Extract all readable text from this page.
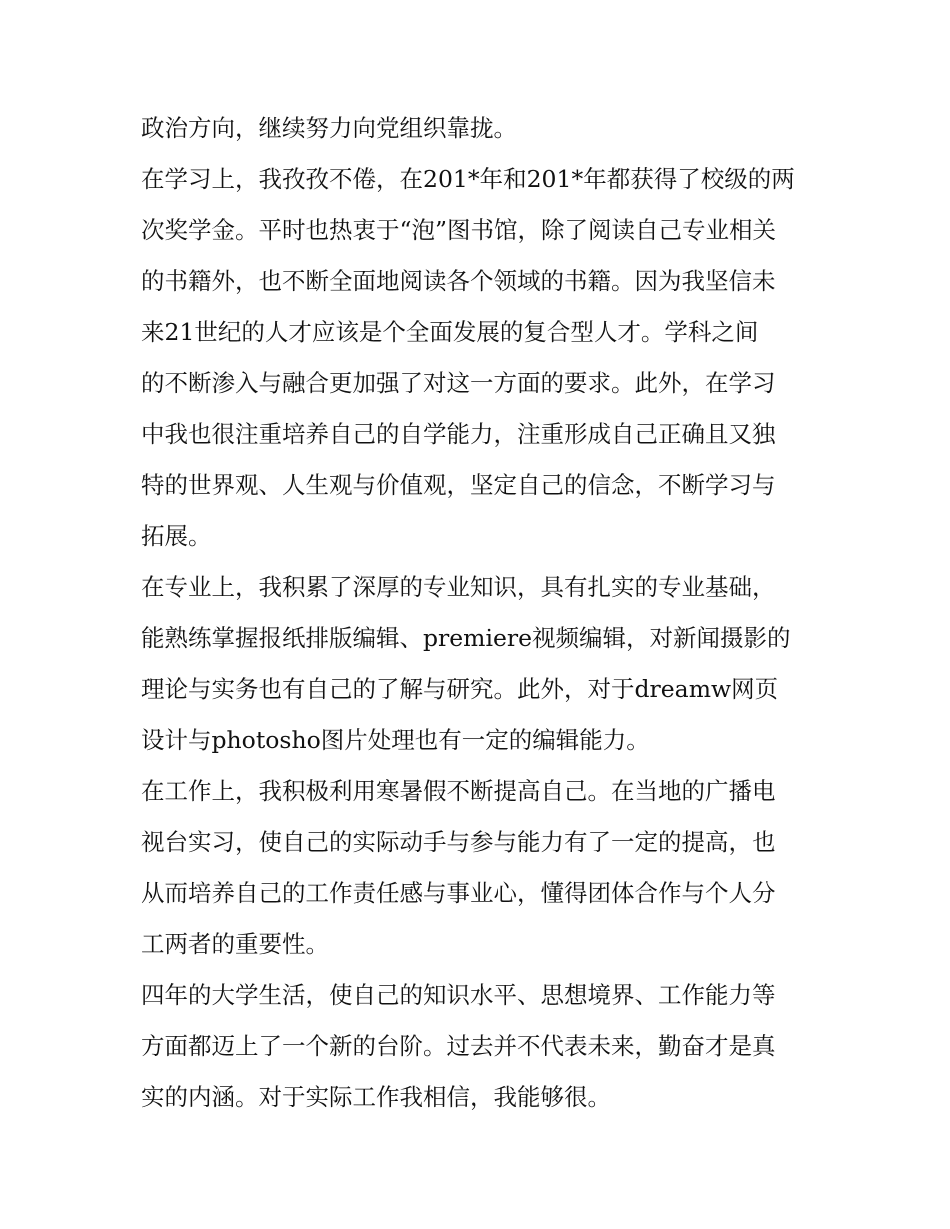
政治方向，继续努力向党组织靠拢。

在学习上，我孜孜不倦，在201*年和201*年都获得了校级的两
次奖学金。平时也热衷于“泡”图书馆，除了阅读自己专业相关
的书籍外，也不断全面地阅读各个领域的书籍。因为我坚信未
来21世纪的人才应该是个全面发展的复合型人才。学科之间
的不断渗入与融合更加强了对这一方面的要求。此外，在学习
中我也很注重培养自己的自学能力，注重形成自己正确且又独
特的世界观、人生观与价值观，坚定自己的信念，不断学习与
拓展。

在专业上，我积累了深厚的专业知识，具有扎实的专业基础，
能熟练掌握报纸排版编辑、premiere视频编辑，对新闻摄影的
理论与实务也有自己的了解与研究。此外，对于dreamw网页
设计与photosho图片处理也有一定的编辑能力。

在工作上，我积极利用寒暑假不断提高自己。在当地的广播电
视台实习，使自己的实际动手与参与能力有了一定的提高，也
从而培养自己的工作责任感与事业心，懂得团体合作与个人分
工两者的重要性。

四年的大学生活，使自己的知识水平、思想境界、工作能力等
方面都迈上了一个新的台阶。过去并不代表未来，勤奋才是真
实的内涵。对于实际工作我相信，我能够很。
